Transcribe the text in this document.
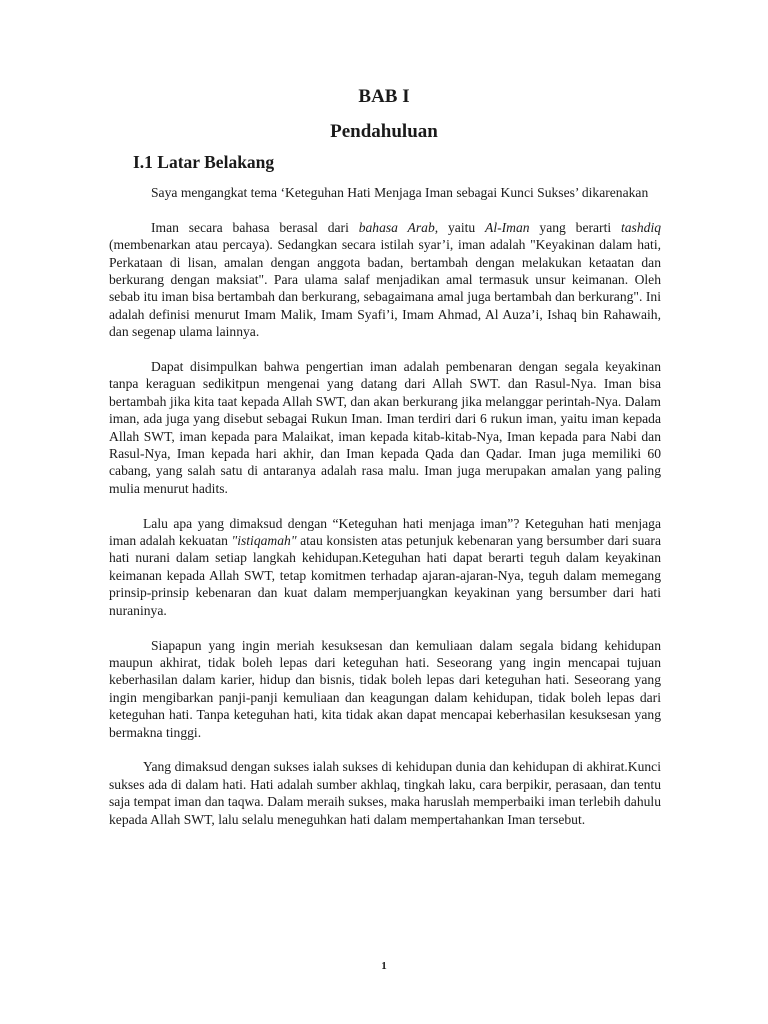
BAB I
Pendahuluan
I.1 Latar Belakang

Saya mengangkat tema ‘Keteguhan Hati Menjaga Iman sebagai Kunci Sukses’ dikarenakan

Iman secara bahasa berasal dari bahasa Arab, yaitu Al-Iman yang berarti tashdiq (membenarkan atau percaya). Sedangkan secara istilah syar’i, iman adalah "Keyakinan dalam hati, Perkataan di lisan, amalan dengan anggota badan, bertambah dengan melakukan ketaatan dan berkurang dengan maksiat". Para ulama salaf menjadikan amal termasuk unsur keimanan. Oleh sebab itu iman bisa bertambah dan berkurang, sebagaimana amal juga bertambah dan berkurang". Ini adalah definisi menurut Imam Malik, Imam Syafi’i, Imam Ahmad, Al Auza’i, Ishaq bin Rahawaih, dan segenap ulama lainnya.

Dapat disimpulkan bahwa pengertian iman adalah pembenaran dengan segala keyakinan tanpa keraguan sedikitpun mengenai yang datang dari Allah SWT. dan Rasul-Nya. Iman bisa bertambah jika kita taat kepada Allah SWT, dan akan berkurang jika melanggar perintah-Nya. Dalam iman, ada juga yang disebut sebagai Rukun Iman. Iman terdiri dari 6 rukun iman, yaitu iman kepada Allah SWT, iman kepada para Malaikat, iman kepada kitab-kitab-Nya, Iman kepada para Nabi dan Rasul-Nya, Iman kepada hari akhir, dan Iman kepada Qada dan Qadar. Iman juga memiliki 60 cabang, yang salah satu di antaranya adalah rasa malu. Iman juga merupakan amalan yang paling mulia menurut hadits.

Lalu apa yang dimaksud dengan “Keteguhan hati menjaga iman”? Keteguhan hati menjaga iman adalah kekuatan "istiqamah" atau konsisten atas petunjuk kebenaran yang bersumber dari suara hati nurani dalam setiap langkah kehidupan.Keteguhan hati dapat berarti teguh dalam keyakinan keimanan kepada Allah SWT, tetap komitmen terhadap ajaran-ajaran-Nya, teguh dalam memegang prinsip-prinsip kebenaran dan kuat dalam memperjuangkan keyakinan yang bersumber dari hati nuraninya.

Siapapun yang ingin meriah kesuksesan dan kemuliaan dalam segala bidang kehidupan maupun akhirat, tidak boleh lepas dari keteguhan hati. Seseorang yang ingin mencapai tujuan keberhasilan dalam karier, hidup dan bisnis, tidak boleh lepas dari keteguhan hati. Seseorang yang ingin mengibarkan panji-panji kemuliaan dan keagungan dalam kehidupan, tidak boleh lepas dari keteguhan hati. Tanpa keteguhan hati, kita tidak akan dapat mencapai keberhasilan kesuksesan yang bermakna tinggi.

Yang dimaksud dengan sukses ialah sukses di kehidupan dunia dan kehidupan di akhirat.Kunci sukses ada di dalam hati. Hati adalah sumber akhlaq, tingkah laku, cara berpikir, perasaan, dan tentu saja tempat iman dan taqwa. Dalam meraih sukses, maka haruslah memperbaiki iman terlebih dahulu kepada Allah SWT, lalu selalu meneguhkan hati dalam mempertahankan Iman tersebut.

1
